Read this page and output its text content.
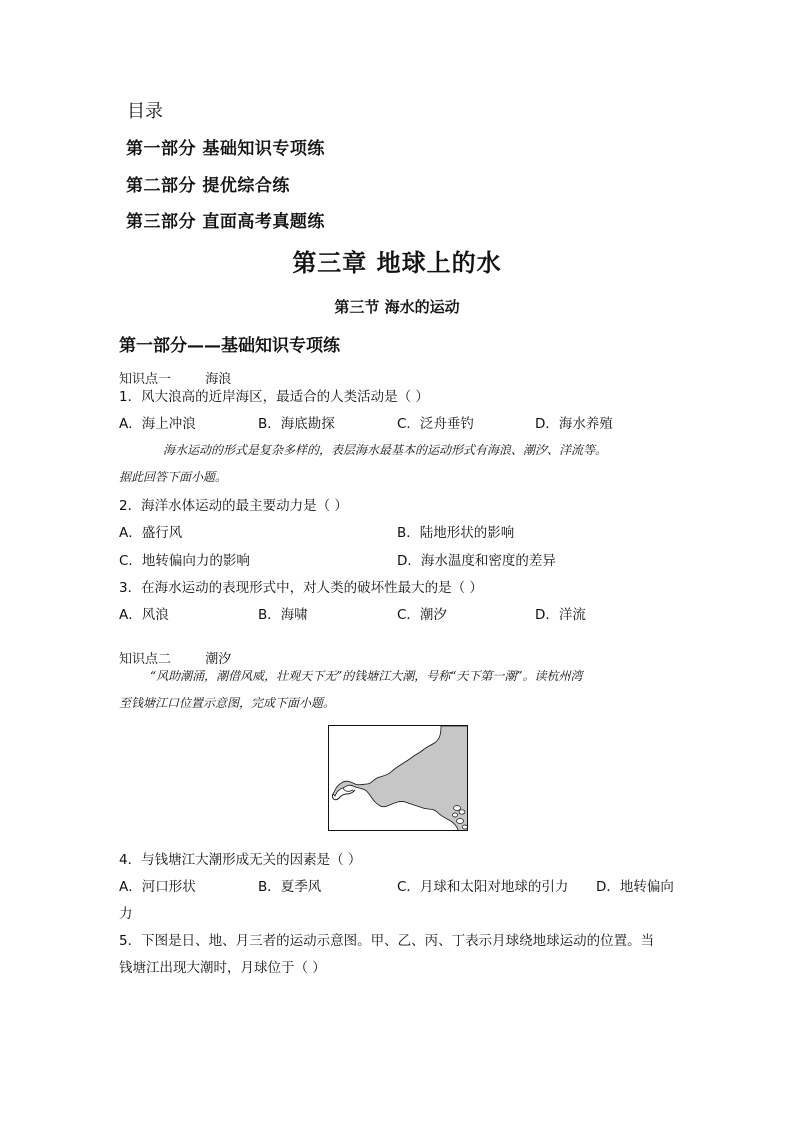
目录
第一部分 基础知识专项练
第二部分 提优综合练
第三部分 直面高考真题练
第三章 地球上的水
第三节 海水的运动
第一部分——基础知识专项练
知识点一	海浪
1．风大浪高的近岸海区，最适合的人类活动是（ ）
A．海上冲浪	B．海底勘探	C．泛舟垂钓	D．海水养殖
海水运动的形式是复杂多样的，表层海水最基本的运动形式有海浪、潮汐、洋流等。
据此回答下面小题。
2．海洋水体运动的最主要动力是（ ）
A．盛行风	B．陆地形状的影响
C．地转偏向力的影响	D．海水温度和密度的差异
3．在海水运动的表现形式中，对人类的破坏性最大的是（ ）
A．风浪	B．海啸	C．潮汐	D．洋流
知识点二	潮汐
“风助潮涌，潮借风威，壮观天下无”的钱塘江大潮，号称“天下第一潮”。读杭州湾
至钱塘江口位置示意图，完成下面小题。
4．与钱塘江大潮形成无关的因素是（ ）
A．河口形状	B．夏季风	C．月球和太阳对地球的引力 D．地转偏向
力
5．下图是日、地、月三者的运动示意图。甲、乙、丙、丁表示月球绕地球运动的位置。当
钱塘江出现大潮时，月球位于（ ）
